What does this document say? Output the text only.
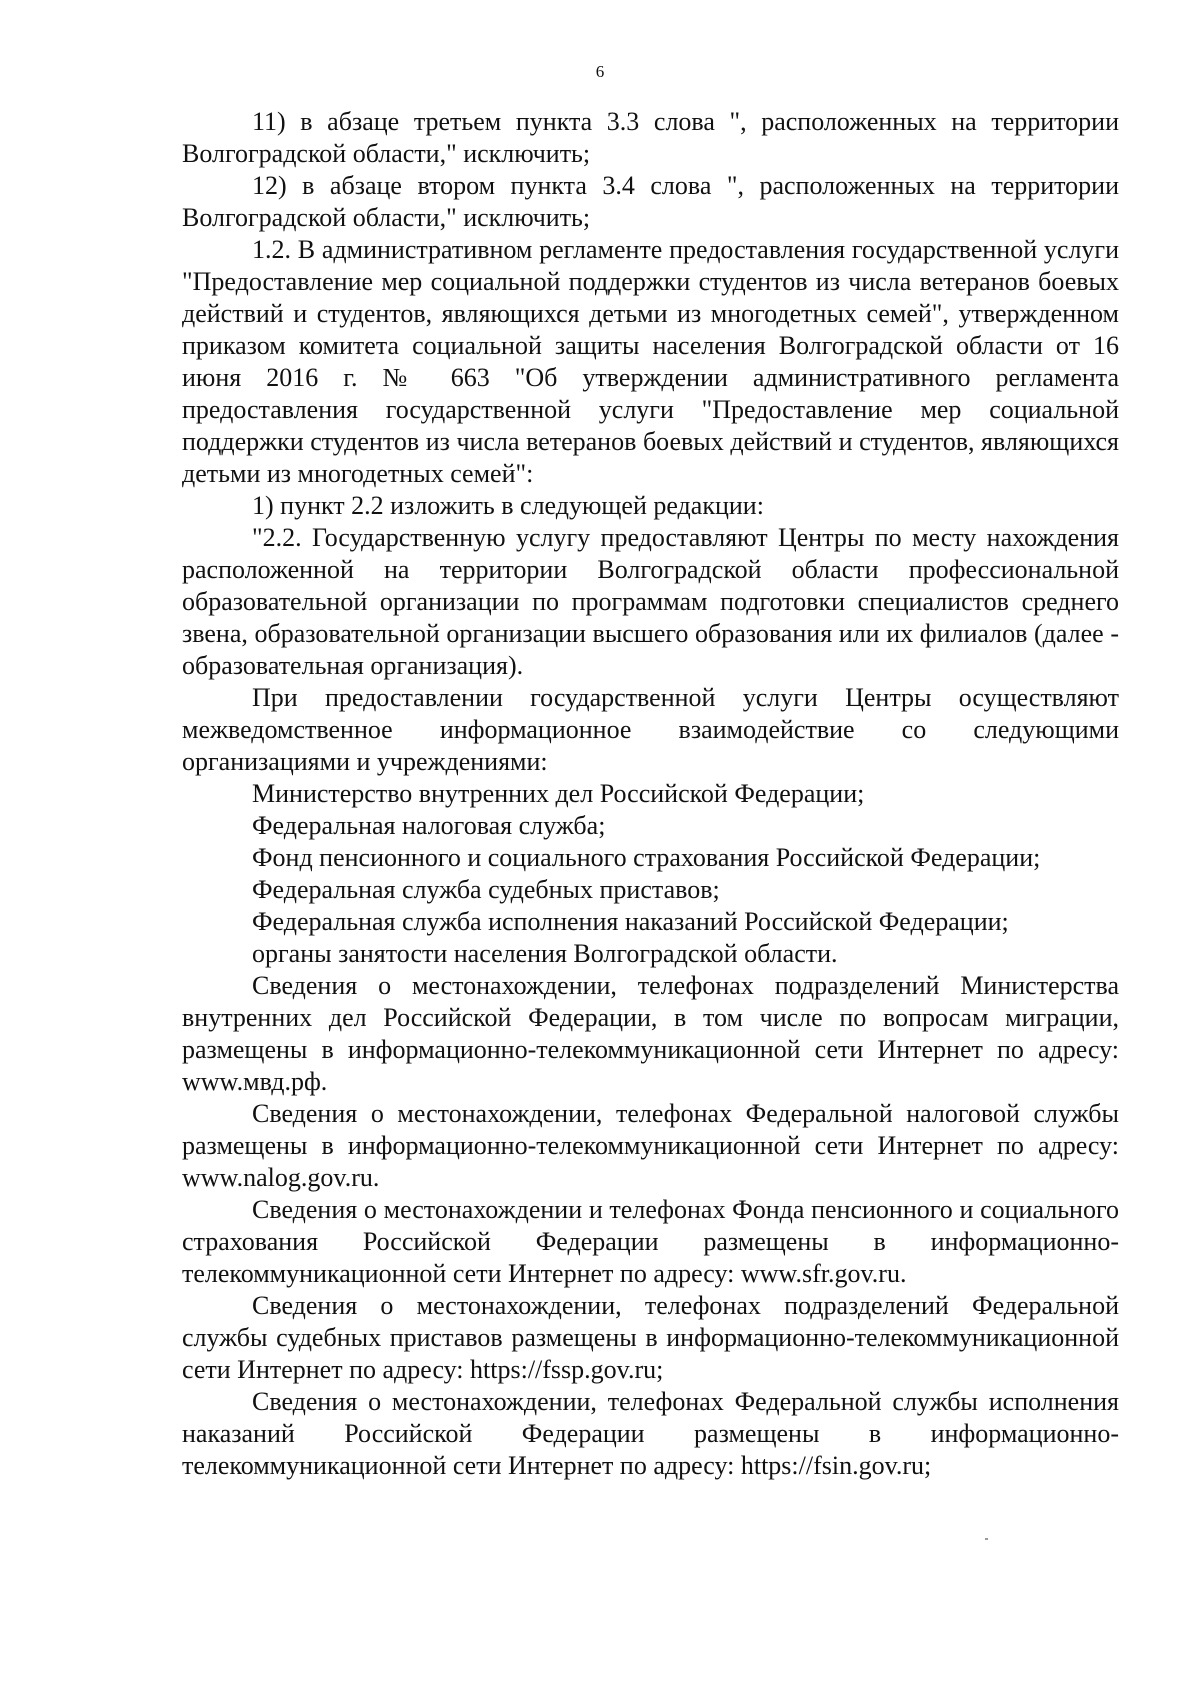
6

11) в абзаце третьем пункта 3.3 слова ", расположенных на территории Волгоградской области," исключить;

12) в абзаце втором пункта 3.4 слова ", расположенных на территории Волгоградской области," исключить;

1.2. В административном регламенте предоставления государственной услуги "Предоставление мер социальной поддержки студентов из числа ветеранов боевых действий и студентов, являющихся детьми из многодетных семей", утвержденном приказом комитета социальной защиты населения Волгоградской области от 16 июня 2016 г. № 663 "Об утверждении административного регламента предоставления государственной услуги "Предоставление мер социальной поддержки студентов из числа ветеранов боевых действий и студентов, являющихся детьми из многодетных семей":

1) пункт 2.2 изложить в следующей редакции:

"2.2. Государственную услугу предоставляют Центры по месту нахождения расположенной на территории Волгоградской области профессиональной образовательной организации по программам подготовки специалистов среднего звена, образовательной организации высшего образования или их филиалов (далее - образовательная организация).

При предоставлении государственной услуги Центры осуществляют межведомственное информационное взаимодействие со следующими организациями и учреждениями:

Министерство внутренних дел Российской Федерации;

Федеральная налоговая служба;

Фонд пенсионного и социального страхования Российской Федерации;

Федеральная служба судебных приставов;

Федеральная служба исполнения наказаний Российской Федерации;

органы занятости населения Волгоградской области.

Сведения о местонахождении, телефонах подразделений Министерства внутренних дел Российской Федерации, в том числе по вопросам миграции, размещены в информационно-телекоммуникационной сети Интернет по адресу: www.мвд.рф.

Сведения о местонахождении, телефонах Федеральной налоговой службы размещены в информационно-телекоммуникационной сети Интернет по адресу: www.nalog.gov.ru.

Сведения о местонахождении и телефонах Фонда пенсионного и социального страхования Российской Федерации размещены в информационно-телекоммуникационной сети Интернет по адресу: www.sfr.gov.ru.

Сведения о местонахождении, телефонах подразделений Федеральной службы судебных приставов размещены в информационно-телекоммуникационной сети Интернет по адресу: https://fssp.gov.ru;

Сведения о местонахождении, телефонах Федеральной службы исполнения наказаний Российской Федерации размещены в информационно-телекоммуникационной сети Интернет по адресу: https://fsin.gov.ru;
